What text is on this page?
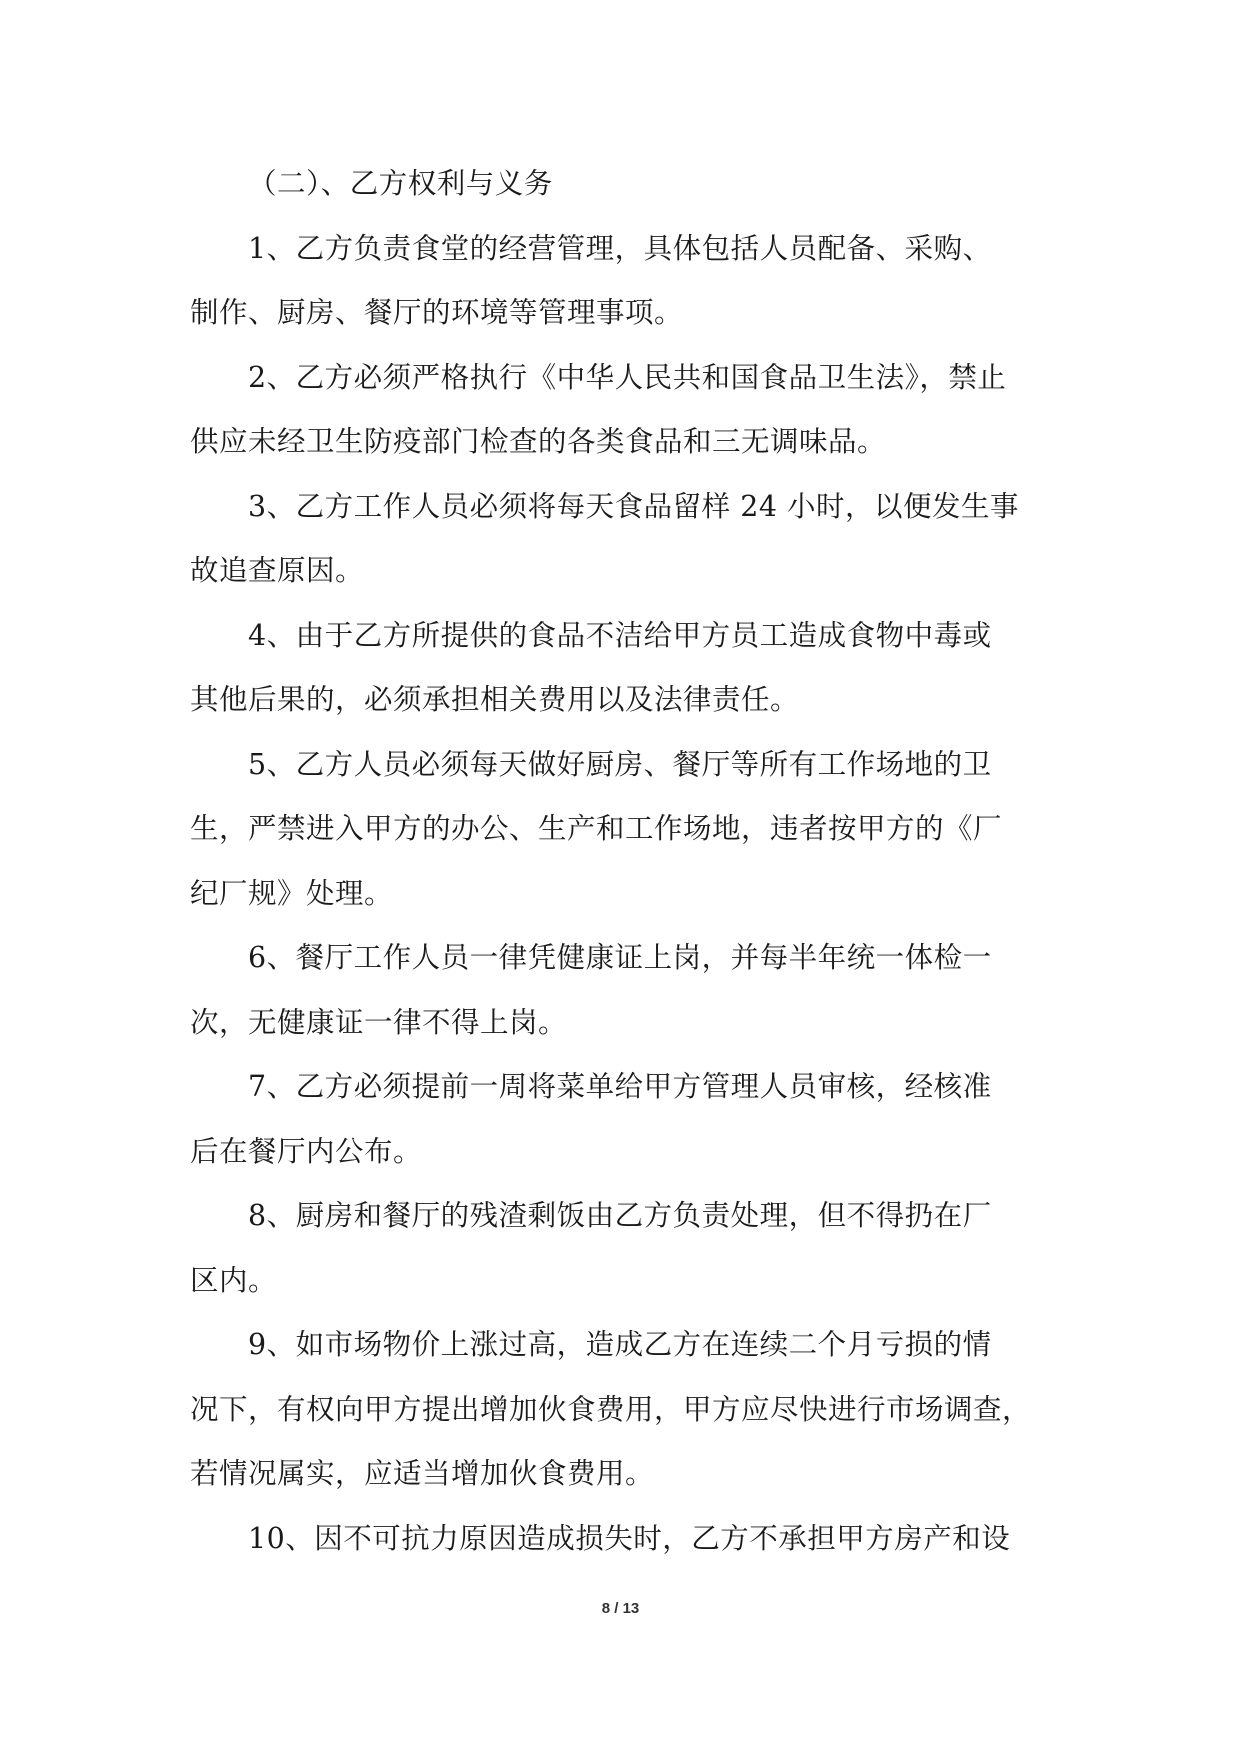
（二）、乙方权利与义务
1、乙方负责食堂的经营管理，具体包括人员配备、采购、
制作、厨房、餐厅的环境等管理事项。
2、乙方必须严格执行《中华人民共和国食品卫生法》，禁止
供应未经卫生防疫部门检查的各类食品和三无调味品。
3、乙方工作人员必须将每天食品留样 24 小时，以便发生事
故追查原因。
4、由于乙方所提供的食品不洁给甲方员工造成食物中毒或
其他后果的，必须承担相关费用以及法律责任。
5、乙方人员必须每天做好厨房、餐厅等所有工作场地的卫
生，严禁进入甲方的办公、生产和工作场地，违者按甲方的《厂
纪厂规》处理。
6、餐厅工作人员一律凭健康证上岗，并每半年统一体检一
次，无健康证一律不得上岗。
7、乙方必须提前一周将菜单给甲方管理人员审核，经核准
后在餐厅内公布。
8、厨房和餐厅的残渣剩饭由乙方负责处理，但不得扔在厂
区内。
9、如市场物价上涨过高，造成乙方在连续二个月亏损的情
况下，有权向甲方提出增加伙食费用，甲方应尽快进行市场调查，
若情况属实，应适当增加伙食费用。
10、因不可抗力原因造成损失时，乙方不承担甲方房产和设
8 / 13
